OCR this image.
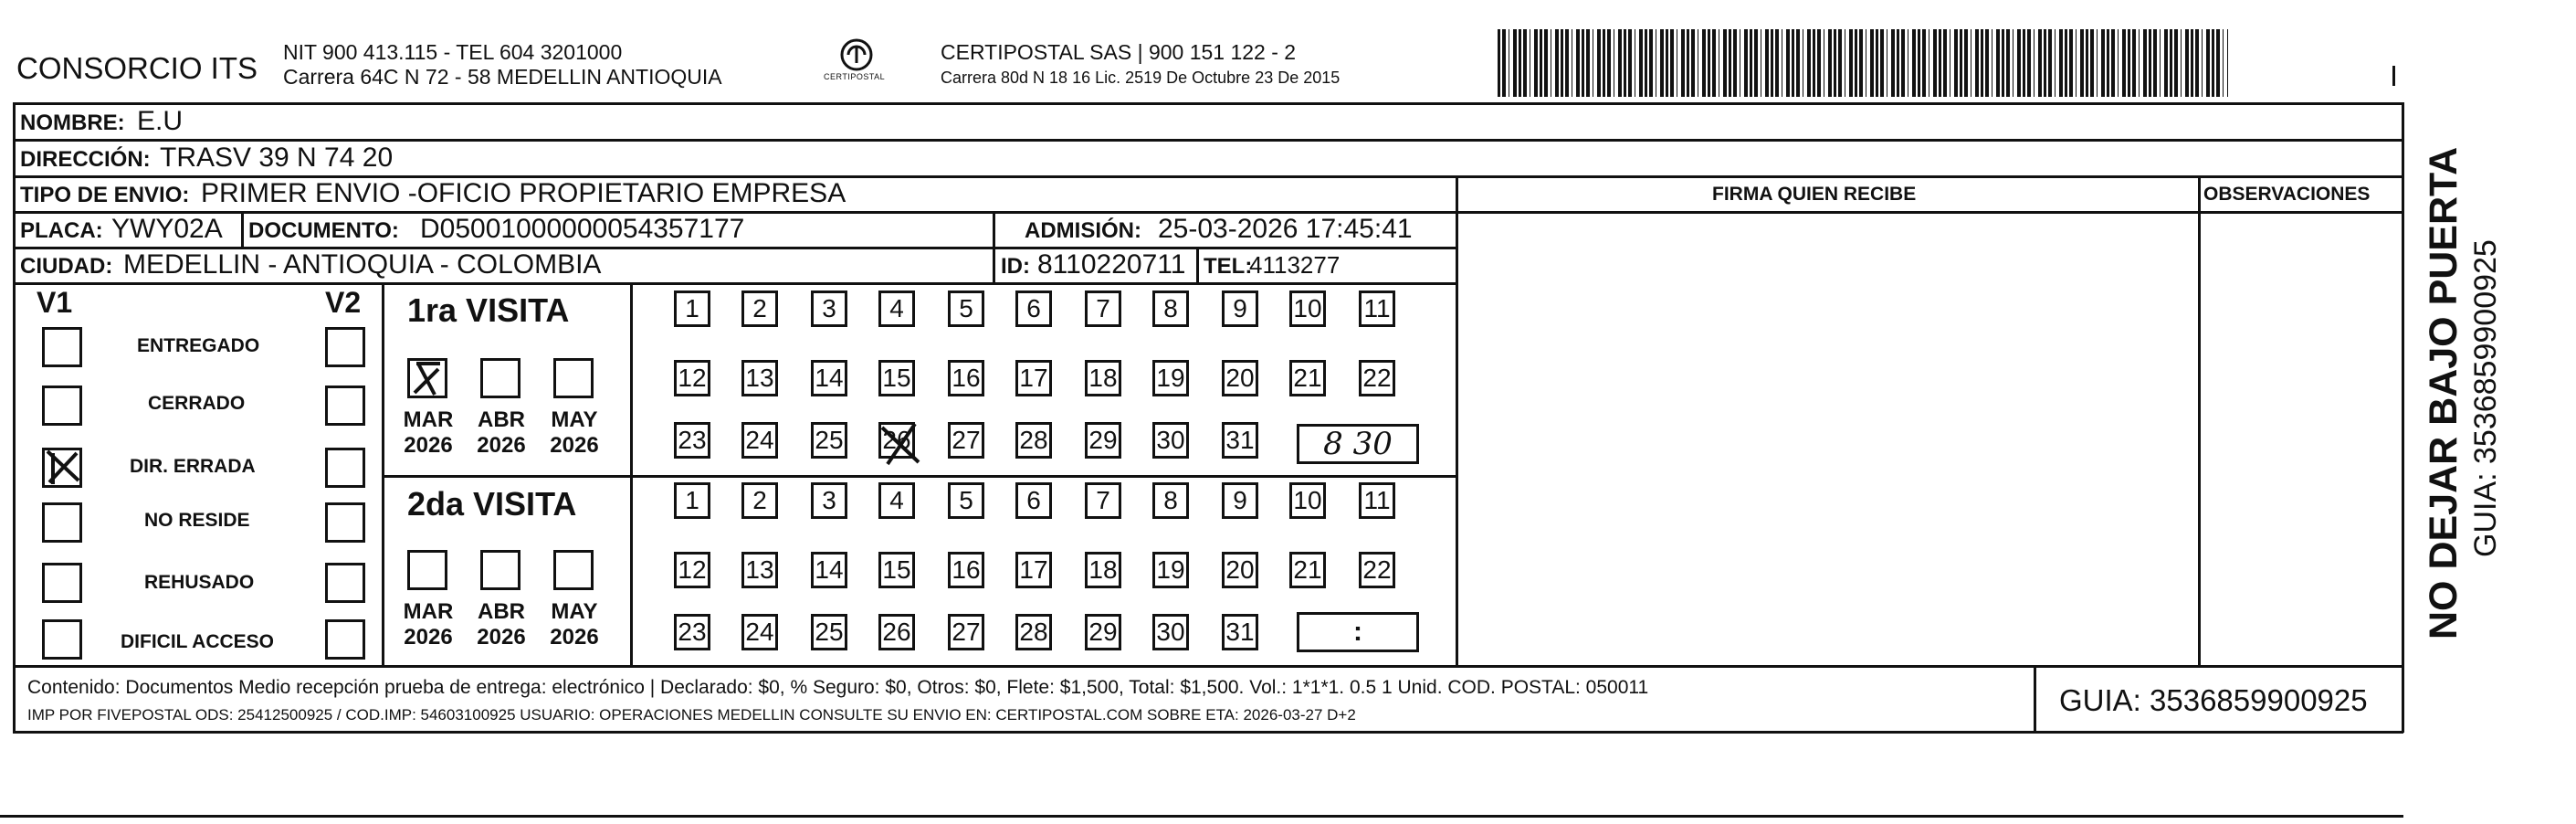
CONSORCIO ITS NIT 900 413.115 - TEL 604 3201000
Carrera 64C N 72 - 58 MEDELLIN ANTIOQUIA	CERTIPOSTAL
CERTIPOSTAL SAS | 900 151 122 - 2
Carrera 80d N 18 16 Lic. 2519 De Octubre 23 De 2015
FIRMA QUIEN RECIBE	OBSERVACIONES
NOMBRE: E.U
DIRECCIÓN: TRASV 39 N 74 20
TIPO DE ENVIO: PRIMER ENVIO -OFICIO PROPIETARIO EMPRESA
PLACA: YWY02A DOCUMENTO: D05001000000054357177	ADMISIÓN: 25-03-2026 17:45:41
CIUDAD: MEDELLIN - ANTIOQUIA - COLOMBIA	ID: 8110220711 TEL:
4113277
V1	V2
ENTREGADO
CERRADO
DIR. ERRADA
NO RESIDE
REHUSADO
DIFICIL ACCESO
1ra VISITA
MAR
2026
ABR
2026
MAY
2026
1	2	3	4	5	6	7	8	9	10 11
12 13 14 15 16 17 18 19 20 21 22
23 24 25 26 27 28 29 30 31 8 30
2da VISITA
MAR
2026
ABR
2026
MAY
2026
1	2	3	4	5	6	7	8	9	10 11
12 13 14 15 16 17 18 19 20 21 22
23 24 25 26 27 28 29 30 31	:
Contenido: Documentos Medio recepción prueba de entrega: electrónico | Declarado: $0, % Seguro: $0, Otros: $0, Flete: $1,500, Total: $1,500. Vol.: 1*1*1. 0.5 1 Unid. COD. POSTAL: 050011
IMP POR FIVEPOSTAL ODS: 25412500925 / COD.IMP: 54603100925 USUARIO: OPERACIONES MEDELLIN CONSULTE SU ENVIO EN: CERTIPOSTAL.COM SOBRE ETA: 2026-03-27 D+2	GUIA: 3536859900925
NO DEJAR BAJO PUERTA GUIA: 3536859900925
